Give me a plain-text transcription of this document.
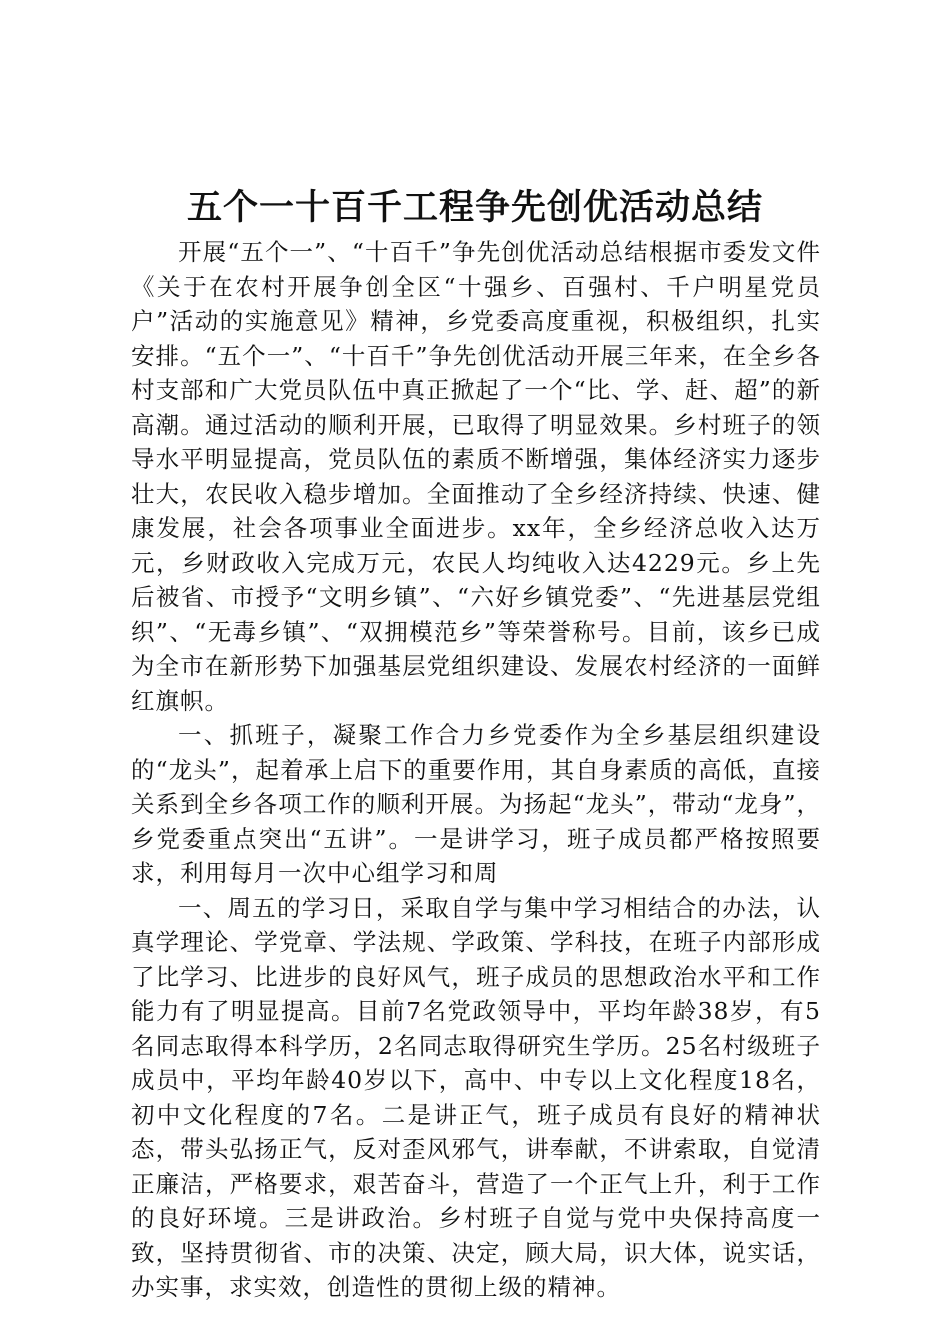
五个一十百千工程争先创优活动总结

开展“五个一”、“十百千”争先创优活动总结根据市委发文件《关于在农村开展争创全区“十强乡、百强村、千户明星党员户”活动的实施意见》精神，乡党委高度重视，积极组织，扎实安排。“五个一”、“十百千”争先创优活动开展三年来，在全乡各村支部和广大党员队伍中真正掀起了一个“比、学、赶、超”的新高潮。通过活动的顺利开展，已取得了明显效果。乡村班子的领导水平明显提高，党员队伍的素质不断增强，集体经济实力逐步壮大，农民收入稳步增加。全面推动了全乡经济持续、快速、健康发展，社会各项事业全面进步。xx年，全乡经济总收入达万元，乡财政收入完成万元，农民人均纯收入达4229元。乡上先后被省、市授予“文明乡镇”、“六好乡镇党委”、“先进基层党组织”、“无毒乡镇”、“双拥模范乡”等荣誉称号。目前，该乡已成为全市在新形势下加强基层党组织建设、发展农村经济的一面鲜红旗帜。

一、抓班子，凝聚工作合力乡党委作为全乡基层组织建设的“龙头”，起着承上启下的重要作用，其自身素质的高低，直接关系到全乡各项工作的顺利开展。为扬起“龙头”，带动“龙身”，乡党委重点突出“五讲”。一是讲学习，班子成员都严格按照要求，利用每月一次中心组学习和周

一、周五的学习日，采取自学与集中学习相结合的办法，认真学理论、学党章、学法规、学政策、学科技，在班子内部形成了比学习、比进步的良好风气，班子成员的思想政治水平和工作能力有了明显提高。目前7名党政领导中，平均年龄38岁，有5名同志取得本科学历，2名同志取得研究生学历。25名村级班子成员中，平均年龄40岁以下，高中、中专以上文化程度18名，初中文化程度的7名。二是讲正气，班子成员有良好的精神状态，带头弘扬正气，反对歪风邪气，讲奉献，不讲索取，自觉清正廉洁，严格要求，艰苦奋斗，营造了一个正气上升，利于工作的良好环境。三是讲政治。乡村班子自觉与党中央保持高度一致，坚持贯彻省、市的决策、决定，顾大局，识大体，说实话，办实事，求实效，创造性的贯彻上级的精神。
